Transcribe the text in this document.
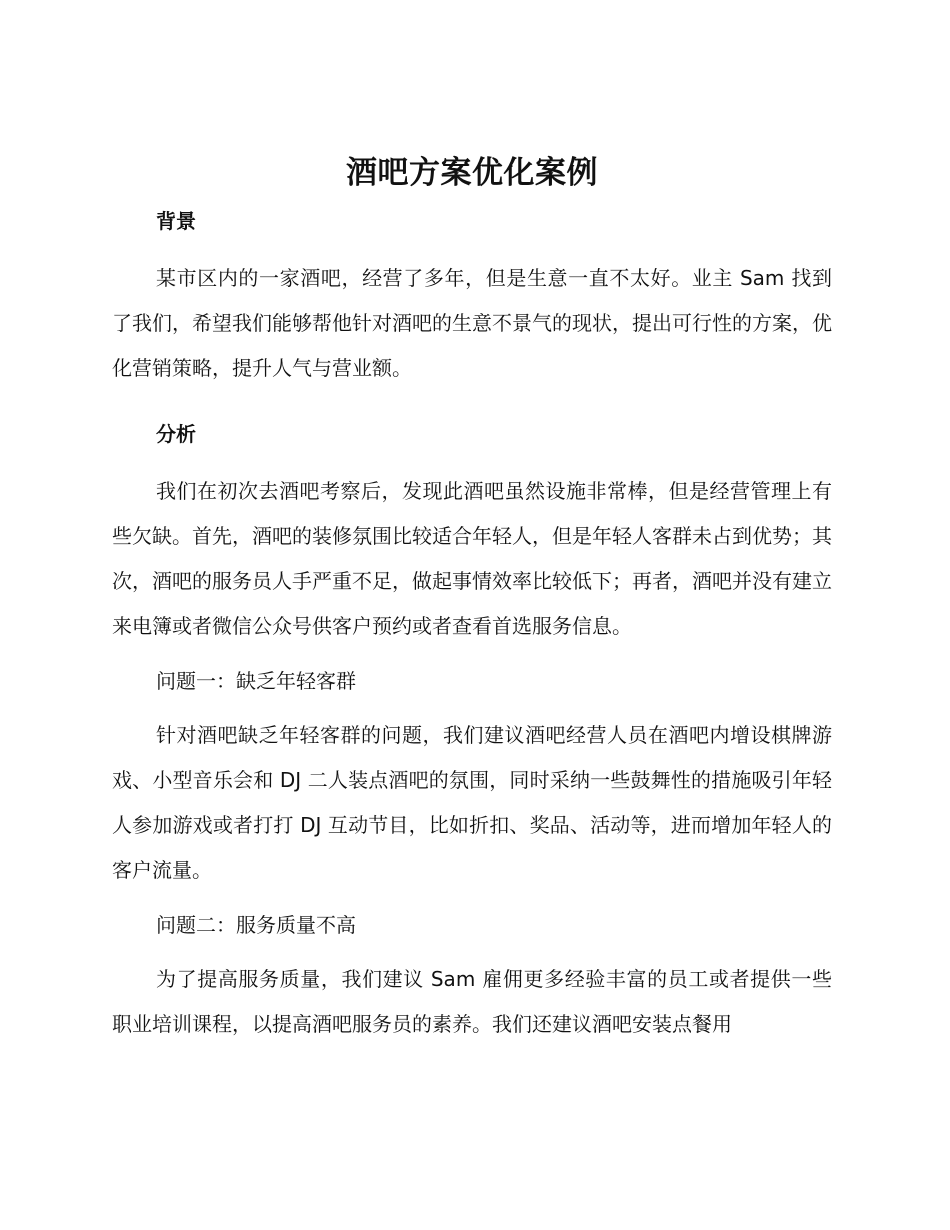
酒吧方案优化案例
背景

某市区内的一家酒吧，经营了多年，但是生意一直不太好。业主 Sam 找到了我们，希望我们能够帮他针对酒吧的生意不景气的现状，提出可行性的方案，优化营销策略，提升人气与营业额。

分析

我们在初次去酒吧考察后，发现此酒吧虽然设施非常棒，但是经营管理上有些欠缺。首先，酒吧的装修氛围比较适合年轻人，但是年轻人客群未占到优势；其次，酒吧的服务员人手严重不足，做起事情效率比较低下；再者，酒吧并没有建立来电簿或者微信公众号供客户预约或者查看首选服务信息。

问题一：缺乏年轻客群

针对酒吧缺乏年轻客群的问题，我们建议酒吧经营人员在酒吧内增设棋牌游戏、小型音乐会和 DJ 二人装点酒吧的氛围，同时采纳一些鼓舞性的措施吸引年轻人参加游戏或者打打 DJ 互动节目，比如折扣、奖品、活动等，进而增加年轻人的客户流量。

问题二：服务质量不高

为了提高服务质量，我们建议 Sam 雇佣更多经验丰富的员工或者提供一些职业培训课程，以提高酒吧服务员的素养。我们还建议酒吧安装点餐用
